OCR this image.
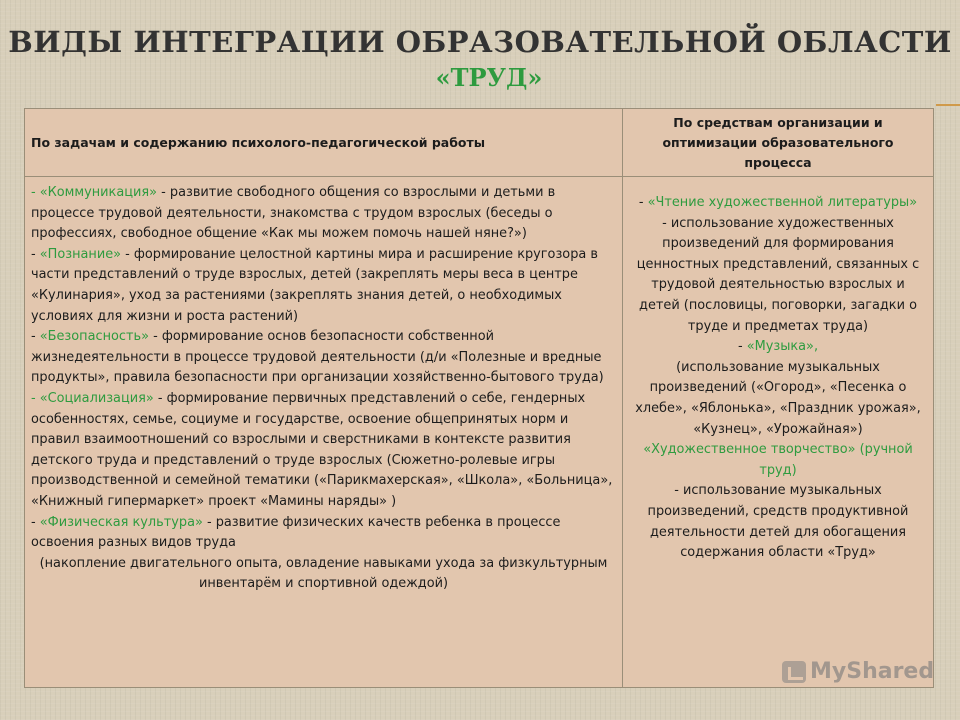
ВИДЫ ИНТЕГРАЦИИ ОБРАЗОВАТЕЛЬНОЙ ОБЛАСТИ
«ТРУД»
По задачам и содержанию психолого-педагогической работы
По средствам организации и оптимизации образовательного процесса
- «Коммуникация» - развитие свободного общения со взрослыми и детьми в процессе трудовой деятельности, знакомства с трудом взрослых (беседы о профессиях, свободное общение «Как мы можем помочь нашей няне?»)
- «Познание» - формирование целостной картины мира и расширение кругозора в части представлений о труде взрослых, детей (закреплять меры веса в центре «Кулинария», уход за растениями (закреплять знания детей, о необходимых условиях для жизни и роста растений)
- «Безопасность» - формирование основ безопасности собственной жизнедеятельности в процессе трудовой деятельности (д/и «Полезные и вредные продукты», правила безопасности при организации хозяйственно-бытового труда)
- «Социализация» - формирование первичных представлений о себе, гендерных особенностях, семье, социуме и государстве, освоение общепринятых норм и правил взаимоотношений со взрослыми и сверстниками в контексте развития детского труда и представлений о труде взрослых (Сюжетно-ролевые игры производственной и семейной тематики («Парикмахерская», «Школа», «Больница», «Книжный гипермаркет» проект «Мамины наряды» )
- «Физическая культура» - развитие физических качеств ребенка в процессе освоения разных видов труда
(накопление двигательного опыта, овладение навыками ухода за физкультурным инвентарём и спортивной одеждой)
- «Чтение художественной литературы»
- использование художественных произведений для формирования ценностных представлений, связанных с трудовой деятельностью взрослых и детей (пословицы, поговорки, загадки о труде и предметах труда)
- «Музыка»,
(использование музыкальных произведений («Огород», «Песенка о хлебе», «Яблонька», «Праздник урожая», «Кузнец», «Урожайная»)
«Художественное творчество» (ручной труд)
- использование музыкальных произведений, средств продуктивной деятельности детей для обогащения содержания области «Труд»
MyShared
